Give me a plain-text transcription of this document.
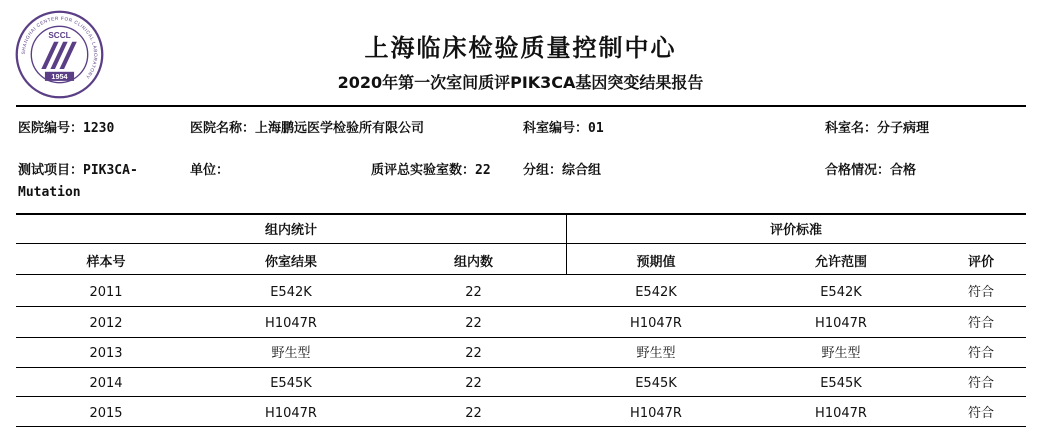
SHANGHAI CENTER FOR CLINICAL LABORATORY
SCCL
1954
上海临床检验质量控制中心
2020年第一次室间质评PIK3CA基因突变结果报告
医院编号：1230	医院名称：上海鹏远医学检验所有限公司	科室编号：01	科室名：分子病理
测试项目：PIK3CA-Mutation
单位：	质评总实验室数：22 分组：综合组	合格情况：合格
组内统计	评价标准
样本号	你室结果	组内数	预期值	允许范围	评价
2011	E542K	22	E542K	E542K	符合
2012	H1047R	22	H1047R	H1047R	符合
2013	野生型	22	野生型	野生型	符合
2014	E545K	22	E545K	E545K	符合
2015	H1047R	22	H1047R	H1047R	符合
